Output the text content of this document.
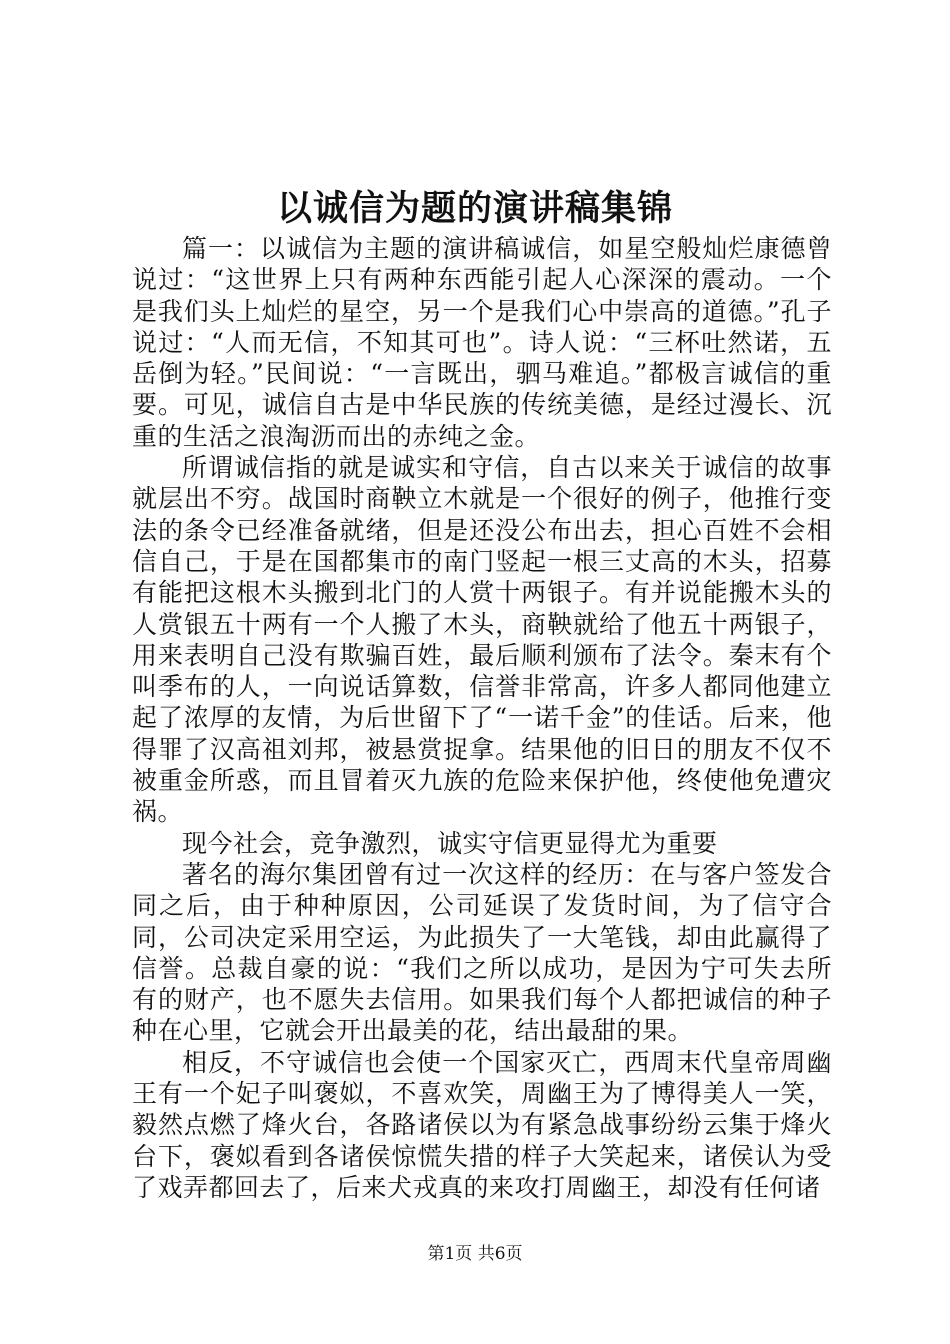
以诚信为题的演讲稿集锦

篇一：以诚信为主题的演讲稿诚信，如星空般灿烂康德曾说过：“这世界上只有两种东西能引起人心深深的震动。一个是我们头上灿烂的星空，另一个是我们心中崇高的道德。”孔子说过：“人而无信，不知其可也”。诗人说：“三杯吐然诺，五岳倒为轻。”民间说：“一言既出，驷马难追。”都极言诚信的重要。可见，诚信自古是中华民族的传统美德，是经过漫长、沉重的生活之浪淘沥而出的赤纯之金。

所谓诚信指的就是诚实和守信，自古以来关于诚信的故事就层出不穷。战国时商鞅立木就是一个很好的例子，他推行变法的条令已经准备就绪，但是还没公布出去，担心百姓不会相信自己，于是在国都集市的南门竖起一根三丈高的木头，招募有能把这根木头搬到北门的人赏十两银子。有并说能搬木头的人赏银五十两有一个人搬了木头，商鞅就给了他五十两银子，用来表明自己没有欺骗百姓，最后顺利颁布了法令。秦末有个叫季布的人，一向说话算数，信誉非常高，许多人都同他建立起了浓厚的友情，为后世留下了“一诺千金”的佳话。后来，他得罪了汉高祖刘邦，被悬赏捉拿。结果他的旧日的朋友不仅不被重金所惑，而且冒着灭九族的危险来保护他，终使他免遭灾祸。

现今社会，竞争激烈，诚实守信更显得尤为重要

著名的海尔集团曾有过一次这样的经历：在与客户签发合同之后，由于种种原因，公司延误了发货时间，为了信守合同，公司决定采用空运，为此损失了一大笔钱，却由此赢得了信誉。总裁自豪的说：“我们之所以成功，是因为宁可失去所有的财产，也不愿失去信用。如果我们每个人都把诚信的种子种在心里，它就会开出最美的花，结出最甜的果。

相反，不守诚信也会使一个国家灭亡，西周末代皇帝周幽王有一个妃子叫褒姒，不喜欢笑，周幽王为了博得美人一笑，毅然点燃了烽火台，各路诸侯以为有紧急战事纷纷云集于烽火台下，褒姒看到各诸侯惊慌失措的样子大笑起来，诸侯认为受了戏弄都回去了，后来犬戎真的来攻打周幽王，却没有任何诸

第1页 共6页
